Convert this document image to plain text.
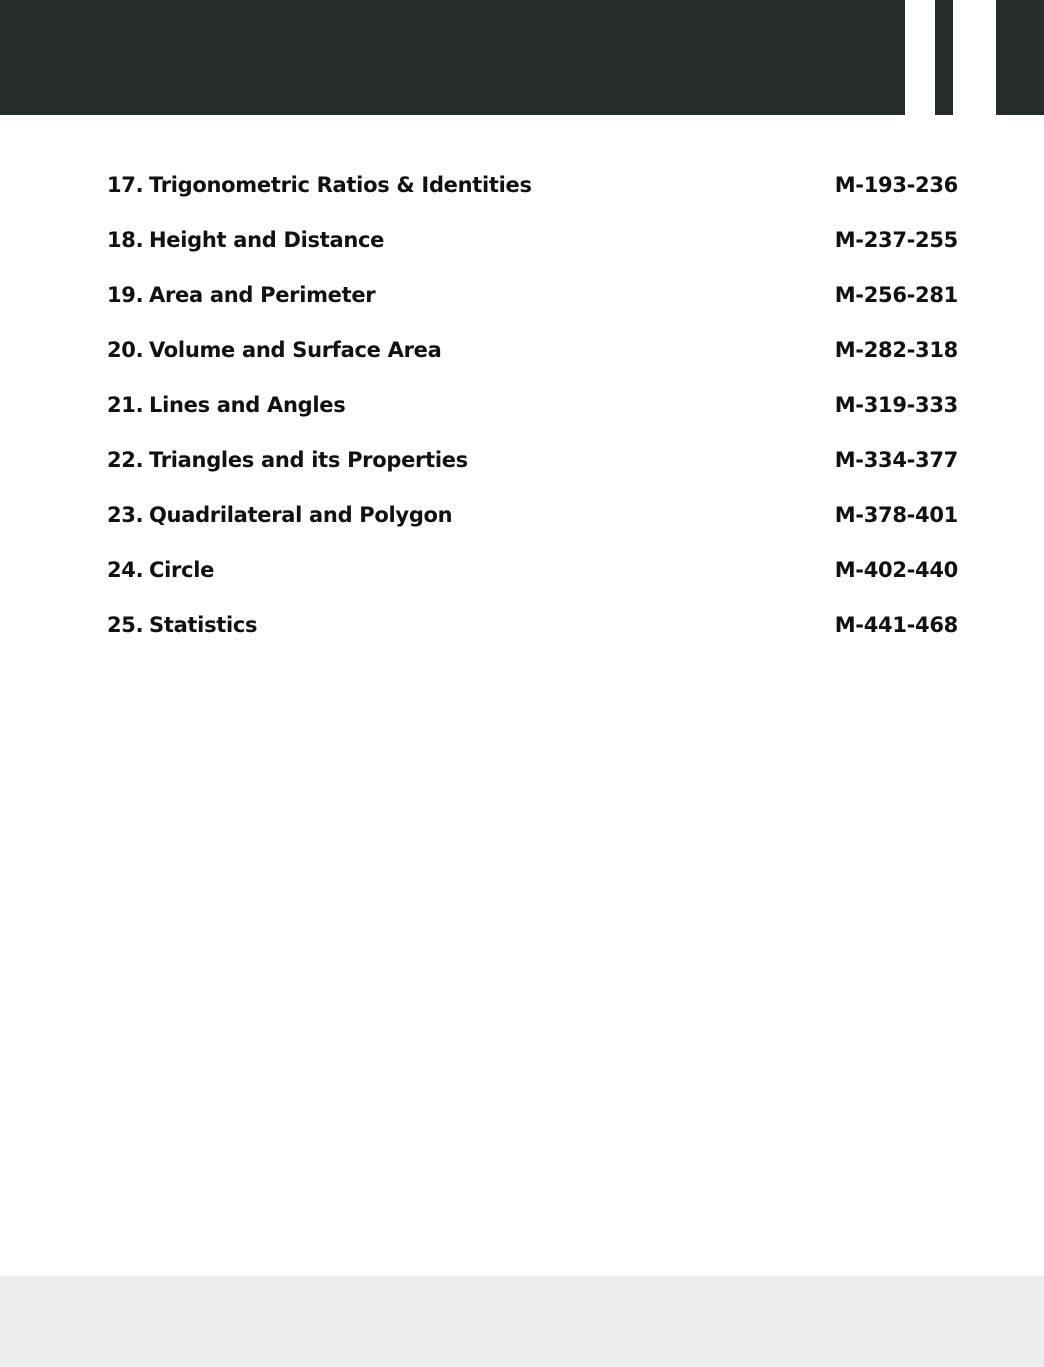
17. Trigonometric Ratios & Identities	M-193-236
18. Height and Distance	M-237-255
19. Area and Perimeter	M-256-281
20. Volume and Surface Area	M-282-318
21. Lines and Angles	M-319-333
22. Triangles and its Properties	M-334-377
23. Quadrilateral and Polygon	M-378-401
24. Circle	M-402-440
25. Statistics	M-441-468
